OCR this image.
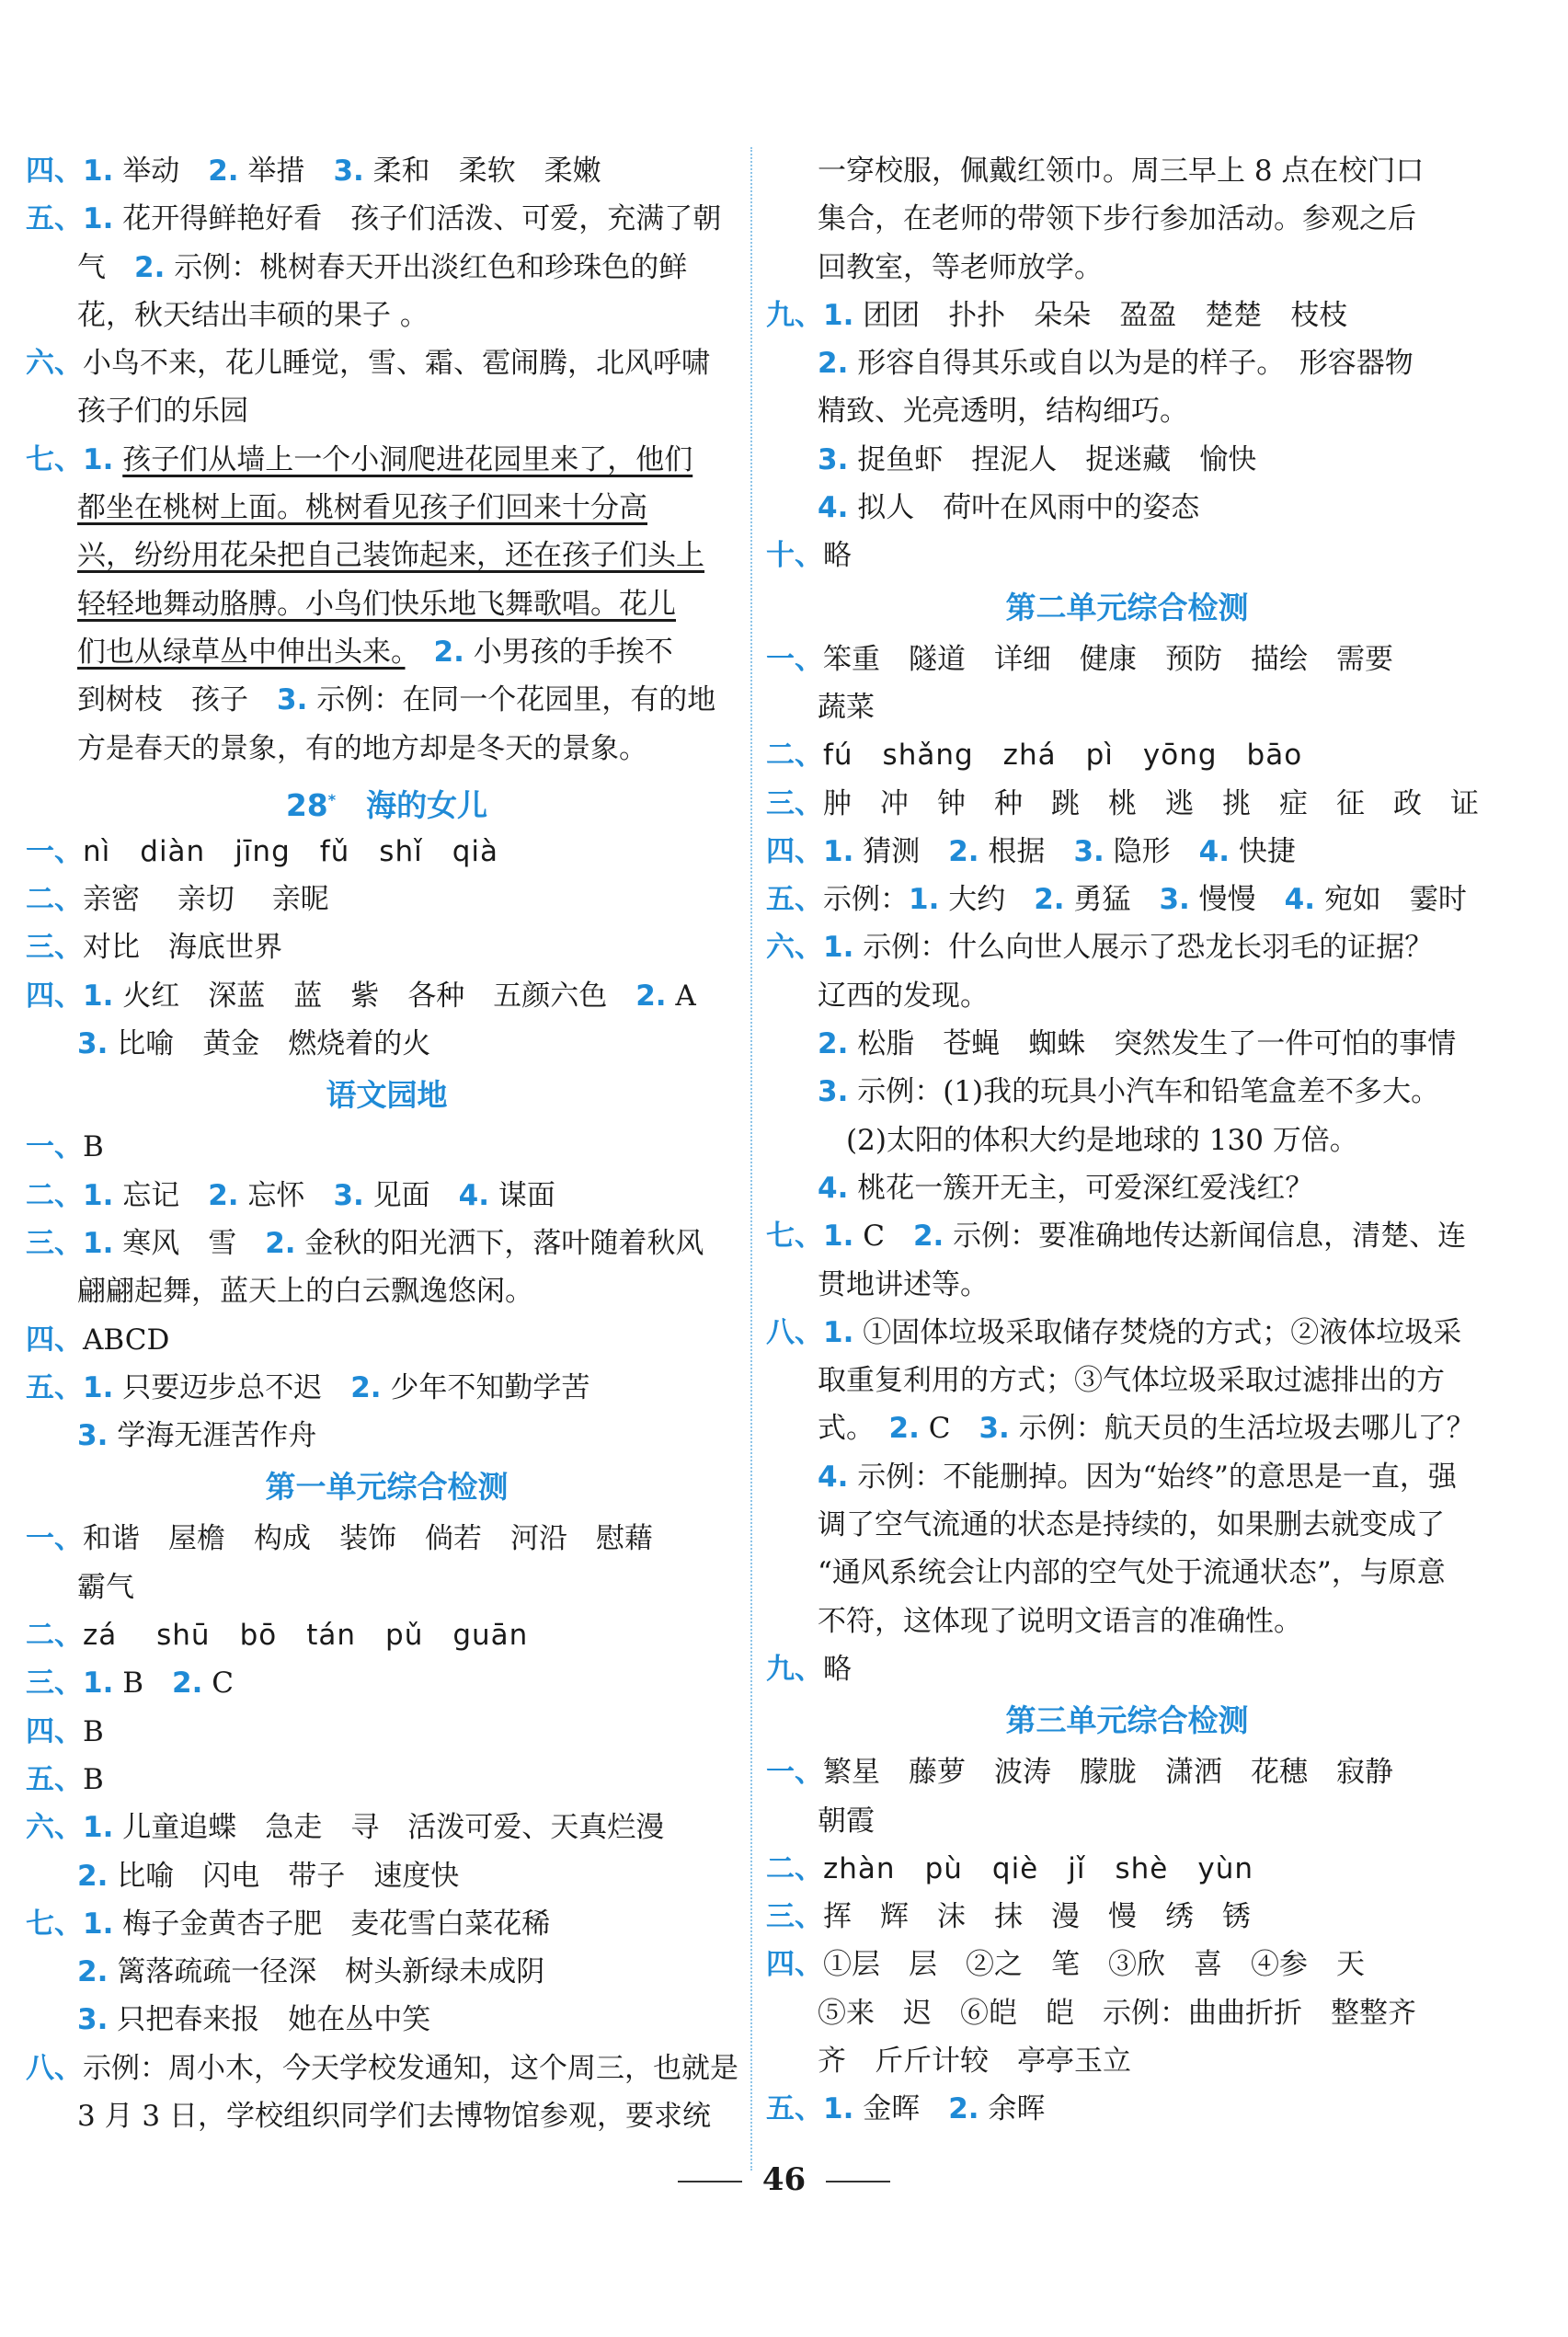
四、1. 举动　2. 举措　3. 柔和　柔软　柔嫩
五、1. 花开得鲜艳好看　孩子们活泼、可爱，充满了朝
气　2. 示例：桃树春天开出淡红色和珍珠色的鲜
花，秋天结出丰硕的果子 。
六、小鸟不来，花儿睡觉，雪、霜、雹闹腾，北风呼啸
孩子们的乐园
七、1. 孩子们从墙上一个小洞爬进花园里来了，他们
都坐在桃树上面。桃树看见孩子们回来十分高
兴，纷纷用花朵把自己装饰起来，还在孩子们头上
轻轻地舞动胳膊。小鸟们快乐地飞舞歌唱。花儿
们也从绿草丛中伸出头来。　 2. 小男孩的手挨不
到树枝　孩子　3. 示例：在同一个花园里，有的地
方是春天的景象，有的地方却是冬天的景象。
28*　海的女儿
一、nì　diàn　jīng　fǔ　shǐ　qià
二、亲密　 亲切　 亲昵
三、对比　海底世界
四、1. 火红　深蓝　蓝　紫　各种　五颜六色　2. A
3. 比喻　黄金　燃烧着的火
语文园地
一、B
二、1. 忘记　2. 忘怀　3. 见面　4. 谋面
三、1. 寒风　雪　2. 金秋的阳光洒下，落叶随着秋风
翩翩起舞，蓝天上的白云飘逸悠闲。
四、ABCD
五、1. 只要迈步总不迟　2. 少年不知勤学苦
3. 学海无涯苦作舟
第一单元综合检测
一、和谐　屋檐　构成　装饰　倘若　河沿　慰藉
霸气
二、zá　 shū　bō　tán　pǔ　guān
三、1. B　2. C
四、B
五、B
六、1. 儿童追蝶　急走　寻　活泼可爱、天真烂漫
2. 比喻　闪电　带子　速度快
七、1. 梅子金黄杏子肥　麦花雪白菜花稀
2. 篱落疏疏一径深　树头新绿未成阴
3. 只把春来报　她在丛中笑
八、示例：周小木，今天学校发通知，这个周三，也就是
3 月 3 日，学校组织同学们去博物馆参观，要求统
一穿校服，佩戴红领巾。周三早上 8 点在校门口
集合，在老师的带领下步行参加活动。参观之后
回教室，等老师放学。
九、1. 团团　扑扑　朵朵　盈盈　楚楚　枝枝
2. 形容自得其乐或自以为是的样子。　形容器物
精致、光亮透明，结构细巧。
3. 捉鱼虾　捏泥人　捉迷藏　愉快
4. 拟人　荷叶在风雨中的姿态
十、略
第二单元综合检测
一、笨重　隧道　详细　健康　预防　描绘　需要
蔬菜
二、fú　shǎng　zhá　pì　yōng　bāo
三、肿　冲　钟　种　跳　桃　逃　挑　症　征　政　证
四、1. 猜测　2. 根据　3. 隐形　4. 快捷
五、示例：1. 大约　2. 勇猛　3. 慢慢　4. 宛如　霎时
六、1. 示例：什么向世人展示了恐龙长羽毛的证据？
辽西的发现。
2. 松脂　苍蝇　蜘蛛　突然发生了一件可怕的事情
3. 示例：(1)我的玩具小汽车和铅笔盒差不多大。
　(2)太阳的体积大约是地球的 130 万倍。
4. 桃花一簇开无主，可爱深红爱浅红？
七、1. C　2. 示例：要准确地传达新闻信息，清楚、连
贯地讲述等。
八、1. ①固体垃圾采取储存焚烧的方式；②液体垃圾采
取重复利用的方式；③气体垃圾采取过滤排出的方
式。　2. C　3. 示例：航天员的生活垃圾去哪儿了？
4. 示例：不能删掉。因为“始终”的意思是一直，强
调了空气流通的状态是持续的，如果删去就变成了
“通风系统会让内部的空气处于流通状态”，与原意
不符，这体现了说明文语言的准确性。
九、略
第三单元综合检测
一、繁星　藤萝　波涛　朦胧　潇洒　花穗　寂静
朝霞
二、zhàn　pù　qiè　jǐ　shè　yùn
三、挥　辉　沫　抹　漫　慢　绣　锈
四、①层　层　②之　笔　③欣　喜　④参　天
⑤来　迟　⑥皑　皑　示例：曲曲折折　整整齐
齐　斤斤计较　亭亭玉立
五、1. 金晖　2. 余晖
46
